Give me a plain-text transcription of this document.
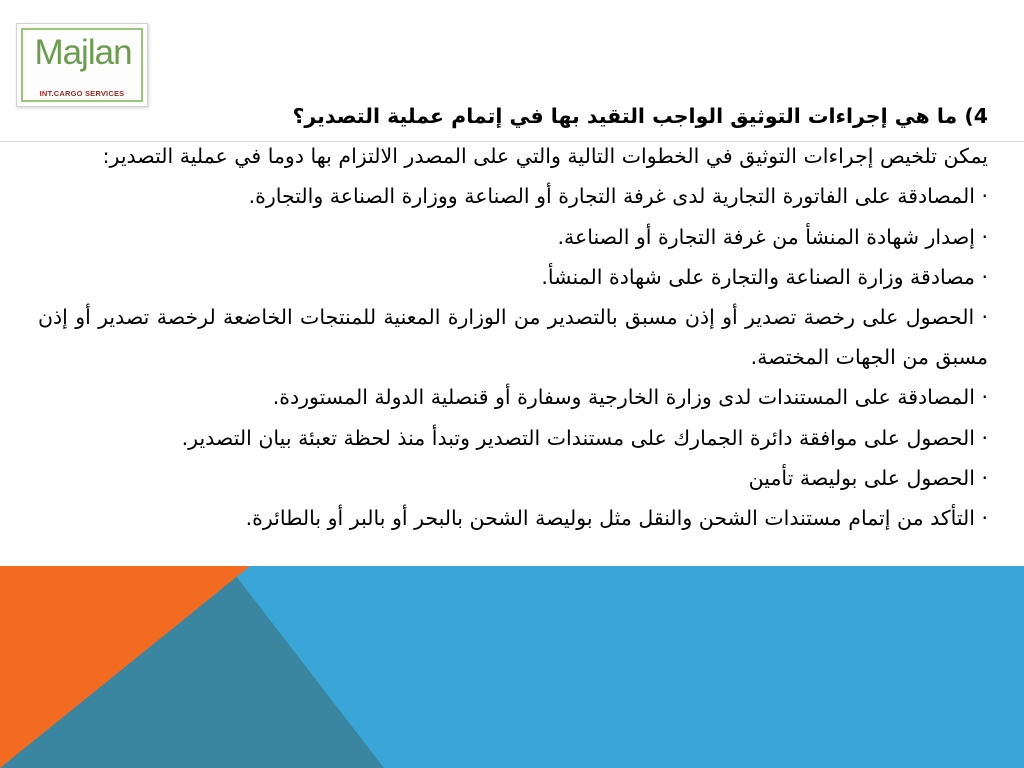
Majlan
INT.CARGO SERVICES

4) ما هي إجراءات التوثيق الواجب التقيد بها في إتمام عملية التصدير؟

يمكن تلخيص إجراءات التوثيق في الخطوات التالية والتي على المصدر الالتزام بها دوما في عملية التصدير:

· المصادقة على الفاتورة التجارية لدى غرفة التجارة أو الصناعة ووزارة الصناعة والتجارة.

· إصدار شهادة المنشأ من غرفة التجارة أو الصناعة.

· مصادقة وزارة الصناعة والتجارة على شهادة المنشأ.

· الحصول على رخصة تصدير أو إذن مسبق بالتصدير من الوزارة المعنية للمنتجات الخاضعة لرخصة تصدير أو إذن مسبق من الجهات المختصة.

· المصادقة على المستندات لدى وزارة الخارجية وسفارة أو قنصلية الدولة المستوردة.

· الحصول على موافقة دائرة الجمارك على مستندات التصدير وتبدأ منذ لحظة تعبئة بيان التصدير.

· الحصول على بوليصة تأمين

· التأكد من إتمام مستندات الشحن والنقل مثل بوليصة الشحن بالبحر أو بالبر أو بالطائرة.
